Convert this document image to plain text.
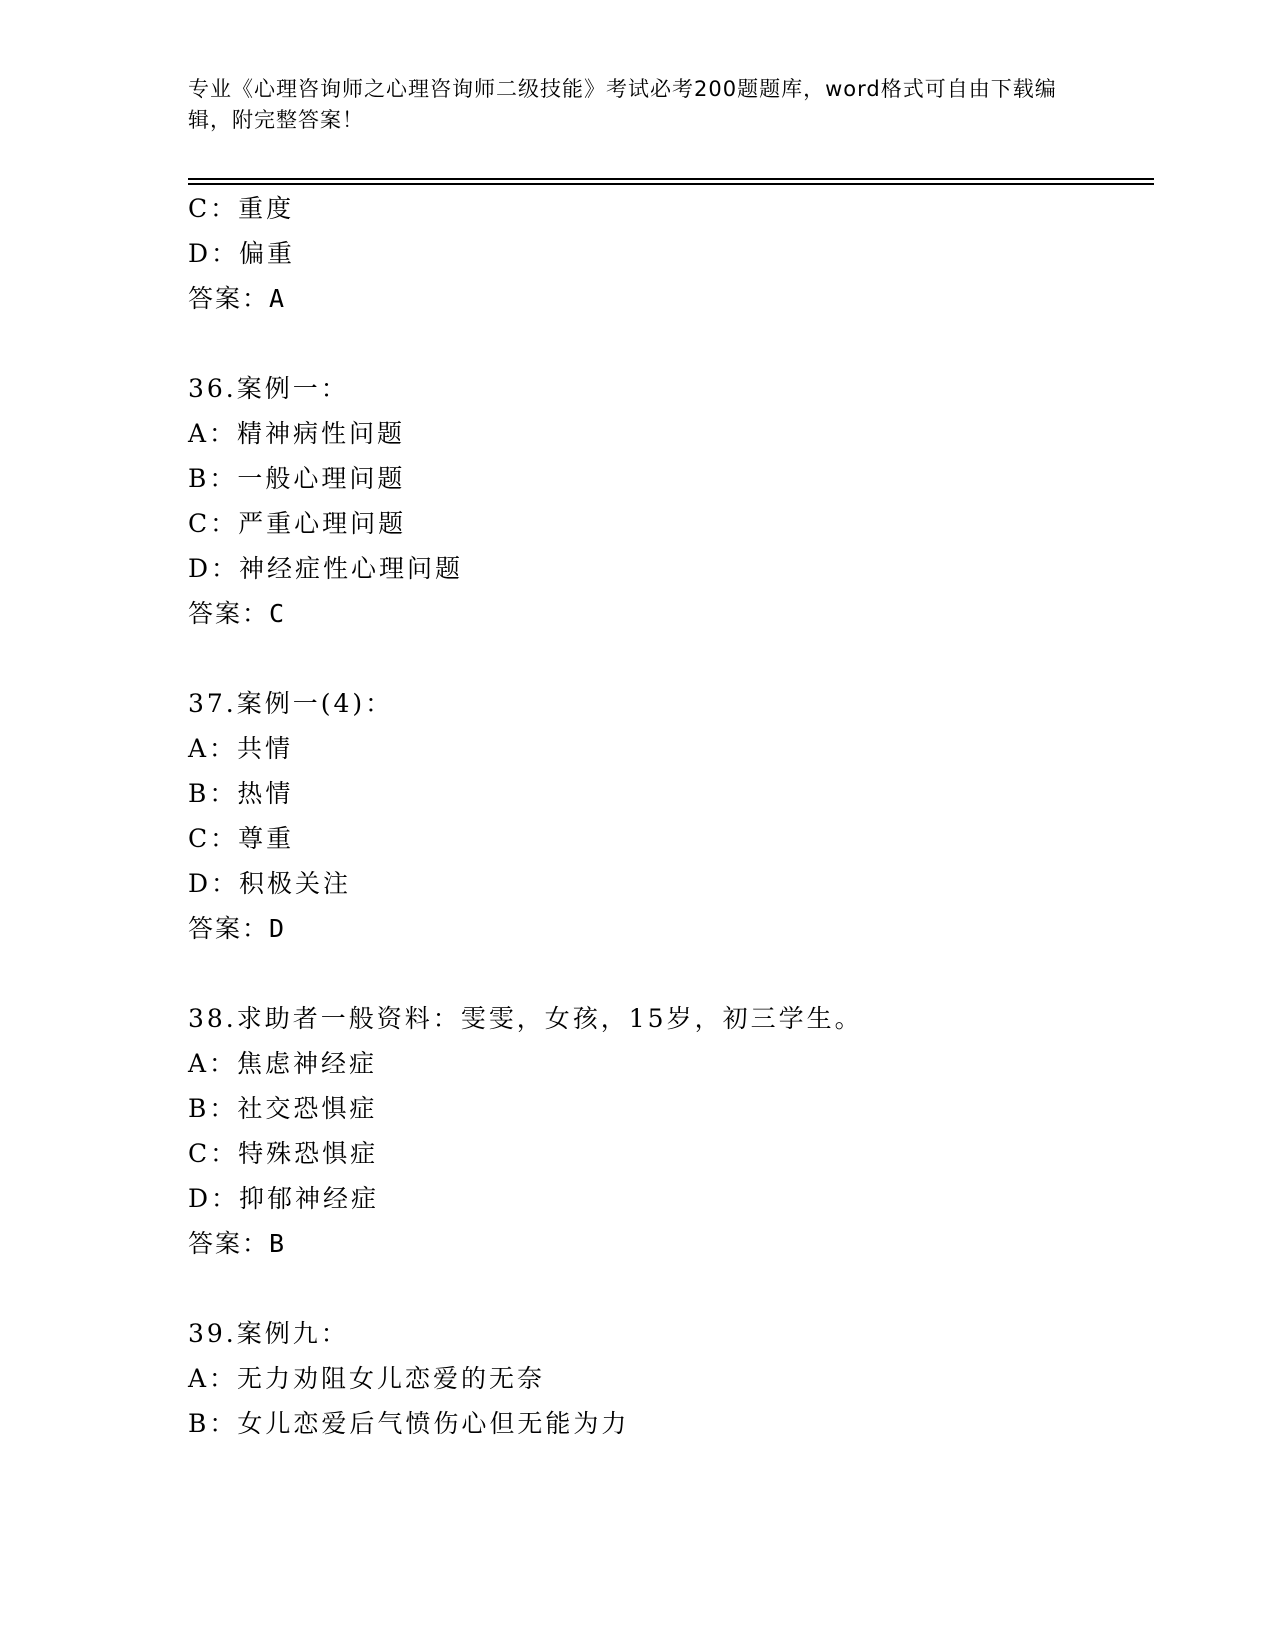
专业《心理咨询师之心理咨询师二级技能》考试必考200题题库，word格式可自由下载编辑，附完整答案！
C：重度
D：偏重
答案：A
36.案例一：
A：精神病性问题
B：一般心理问题
C：严重心理问题
D：神经症性心理问题
答案：C
37.案例一(4)：
A：共情
B：热情
C：尊重
D：积极关注
答案：D
38.求助者一般资料：雯雯，女孩，15岁，初三学生。
A：焦虑神经症
B：社交恐惧症
C：特殊恐惧症
D：抑郁神经症
答案：B
39.案例九：
A：无力劝阻女儿恋爱的无奈
B：女儿恋爱后气愤伤心但无能为力
